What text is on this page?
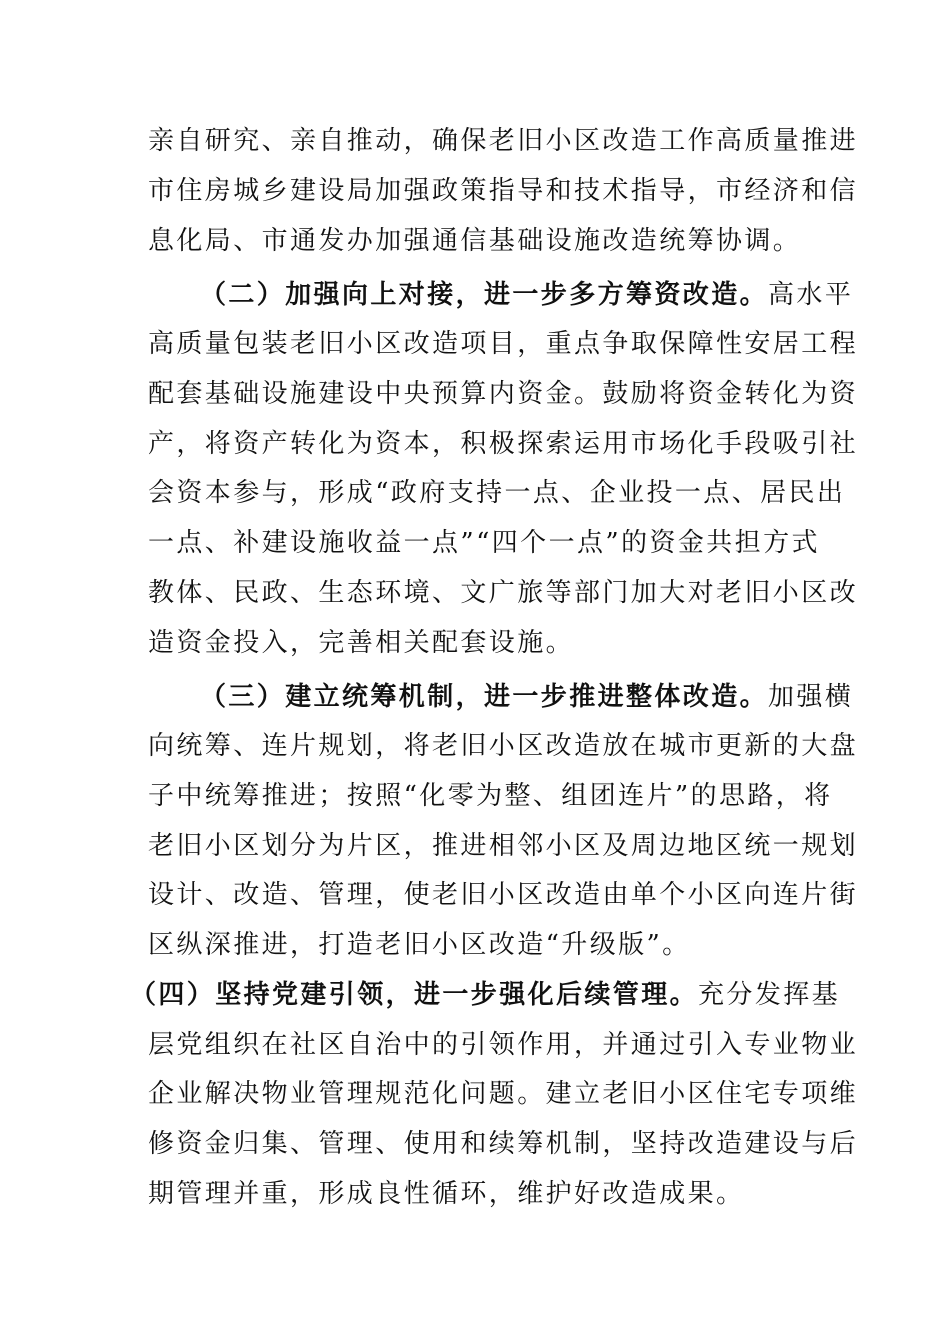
亲自研究、亲自推动，确保老旧小区改造工作高质量推进
市住房城乡建设局加强政策指导和技术指导，市经济和信
息化局、市通发办加强通信基础设施改造统筹协调。
（二）加强向上对接，进一步多方筹资改造。高水平
高质量包装老旧小区改造项目，重点争取保障性安居工程
配套基础设施建设中央预算内资金。鼓励将资金转化为资
产，将资产转化为资本，积极探索运用市场化手段吸引社
会资本参与，形成“政府支持一点、企业投一点、居民出
一点、补建设施收益一点”“四个一点”的资金共担方式
教体、民政、生态环境、文广旅等部门加大对老旧小区改
造资金投入，完善相关配套设施。
（三）建立统筹机制，进一步推进整体改造。加强横
向统筹、连片规划，将老旧小区改造放在城市更新的大盘
子中统筹推进；按照“化零为整、组团连片”的思路，将
老旧小区划分为片区，推进相邻小区及周边地区统一规划
设计、改造、管理，使老旧小区改造由单个小区向连片街
区纵深推进，打造老旧小区改造“升级版”。
（四）坚持党建引领，进一步强化后续管理。充分发挥基
层党组织在社区自治中的引领作用，并通过引入专业物业
企业解决物业管理规范化问题。建立老旧小区住宅专项维
修资金归集、管理、使用和续筹机制，坚持改造建设与后
期管理并重，形成良性循环，维护好改造成果。
